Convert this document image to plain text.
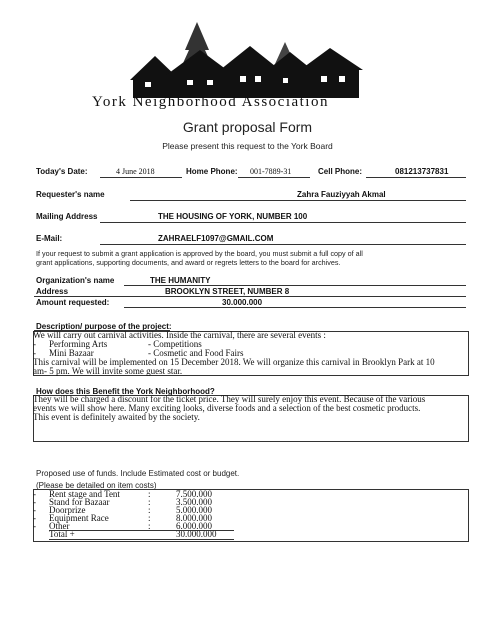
York Neighborhood Association
Grant proposal Form
Please present this request to the York Board
Today's Date:	4 June 2018	Home Phone: 001-7889-31	Cell Phone:	081213737831
Requester's name	Zahra Fauziyyah Akmal
Mailing Address	THE HOUSING OF YORK, NUMBER 100
E-Mail:	ZAHRAELF1097@GMAIL.COM
If your request to submit a grant application is approved by the board, you must submit a full copy of all
grant applications, supporting documents, and award or regrets letters to the board for archives.
Organization's name	THE HUMANITY
Address	BROOKLYN STREET, NUMBER 8
Amount requested:	30.000.000
Description/ purpose of the project:
We will carry out carnival activities. Inside the carnival, there are several events :
- Performing Arts	- Competitions
- Mini Bazaar	- Cosmetic and Food Fairs
This carnival will be implemented on 15 December 2018. We will organize this carnival in Brooklyn Park at 10
am- 5 pm. We will invite some guest star.
How does this Benefit the York Neighborhood?
They will be charged a discount for the ticket price. They will surely enjoy this event. Because of the various
events we will show here. Many exciting looks, diverse foods and a selection of the best cosmetic products.
This event is definitely awaited by the society.
Proposed use of funds. Include Estimated cost or budget.
(Please be detailed on item costs)
- Rent stage and Tent	:	7.500.000
- Stand for Bazaar	:	3.500.000
- Doorprize	:	5.000.000
- Equipment Race	:	8.000.000
- Other	:	6.000.000
Total +	30.000.000
